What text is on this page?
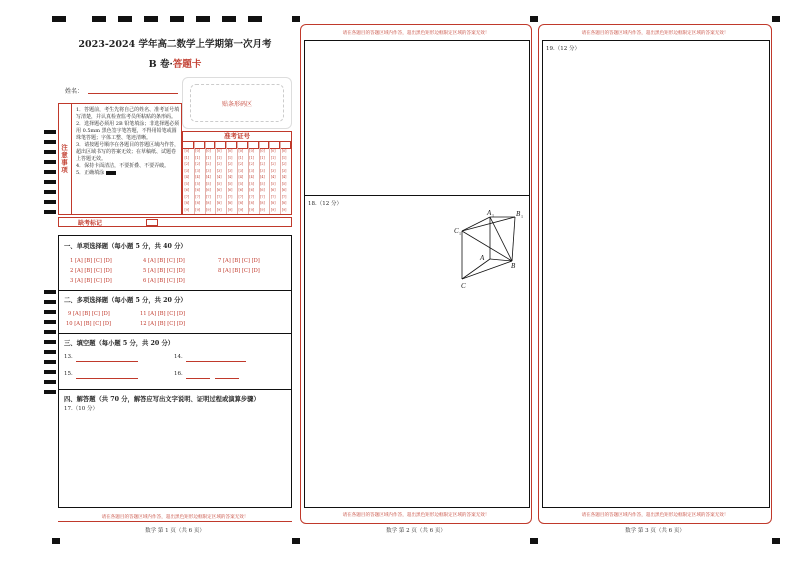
2023-2024 学年高二数学上学期第一次月考
B 卷·答题卡
姓名：
贴条形码区
注意事项
1．答题前，考生先将自己的姓名、准考证号填写清楚，并认真检查监考员所粘贴的条形码。
2．选择题必须用 2B 铅笔填涂；非选择题必须用 0.5mm 黑色签字笔答题，不得用铅笔或圆珠笔答题；字体工整、笔迹清晰。
3．请按题号顺序在各题目的答题区域内作答，超出区域书写的答案无效；在草稿纸、试题卷上答题无效。
4．保持卡面清洁，不要折叠、不要弄破。
5．正确填涂
准考证号
[0]
[1]
[2]
[3]
[4]
[5]
[6]
[7]
[8]
[9]
[0]
[1]
[2]
[3]
[4]
[5]
[6]
[7]
[8]
[9]
[0]
[1]
[2]
[3]
[4]
[5]
[6]
[7]
[8]
[9]
[0]
[1]
[2]
[3]
[4]
[5]
[6]
[7]
[8]
[9]
[0]
[1]
[2]
[3]
[4]
[5]
[6]
[7]
[8]
[9]
[0]
[1]
[2]
[3]
[4]
[5]
[6]
[7]
[8]
[9]
[0]
[1]
[2]
[3]
[4]
[5]
[6]
[7]
[8]
[9]
[0]
[1]
[2]
[3]
[4]
[5]
[6]
[7]
[8]
[9]
[0]
[1]
[2]
[3]
[4]
[5]
[6]
[7]
[8]
[9]
[0]
[1]
[2]
[3]
[4]
[5]
[6]
[7]
[8]
[9]
缺考标记
一、单项选择题（每小题 5 分，共 40 分）
1 [A] [B] [C] [D]
2 [A] [B] [C] [D]
3 [A] [B] [C] [D]
4 [A] [B] [C] [D]
5 [A] [B] [C] [D]
6 [A] [B] [C] [D]
7 [A] [B] [C] [D]
8 [A] [B] [C] [D]
二、多项选择题（每小题 5 分，共 20 分）
9 [A] [B] [C] [D]
10 [A] [B] [C] [D]
11 [A] [B] [C] [D]
12 [A] [B] [C] [D]
三、填空题（每小题 5 分，共 20 分）
13.	14.
15.	16.
四、解答题（共 70 分，解答应写出文字说明、证明过程或演算步骤）
17.（10 分）
请在各题目的答题区域内作答，超出黑色矩形边框限定区域的答案无效！
数学 第 1 页（共 6 页）
请在各题目的答题区域内作答，超出黑色矩形边框限定区域的答案无效！
18.（12 分）
C 1
A 1	B 1
A
B
C
请在各题目的答题区域内作答，超出黑色矩形边框限定区域的答案无效！
数学 第 2 页（共 6 页）
请在各题目的答题区域内作答，超出黑色矩形边框限定区域的答案无效！
19.（12 分）
请在各题目的答题区域内作答，超出黑色矩形边框限定区域的答案无效！
数学 第 3 页（共 6 页）
